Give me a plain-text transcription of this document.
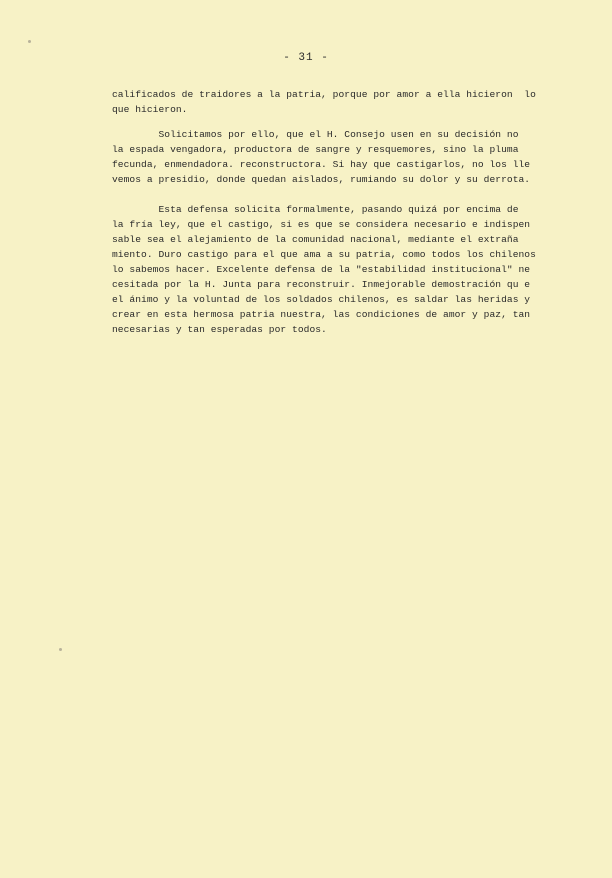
- 31 -
calificados de traidores a la patria, porque por amor a ella hicieron  lo
que hicieron.
Solicitamos por ello, que el H. Consejo usen en su decisión no
la espada vengadora, productora de sangre y resquemores, sino la pluma
fecunda, enmendadora. reconstructora. Si hay que castigarlos, no los lle
vemos a presidio, donde quedan aislados, rumiando su dolor y su derrota.
Esta defensa solicita formalmente, pasando quizá por encima de
la fría ley, que el castigo, si es que se considera necesario e indispen
sable sea el alejamiento de la comunidad nacional, mediante el extraña
miento. Duro castigo para el que ama a su patria, como todos los chilenos
lo sabemos hacer. Excelente defensa de la "estabilidad institucional" ne
cesitada por la H. Junta para reconstruir. Inmejorable demostración qu e
el ánimo y la voluntad de los soldados chilenos, es saldar las heridas y
crear en esta hermosa patria nuestra, las condiciones de amor y paz, tan
necesarias y tan esperadas por todos.
